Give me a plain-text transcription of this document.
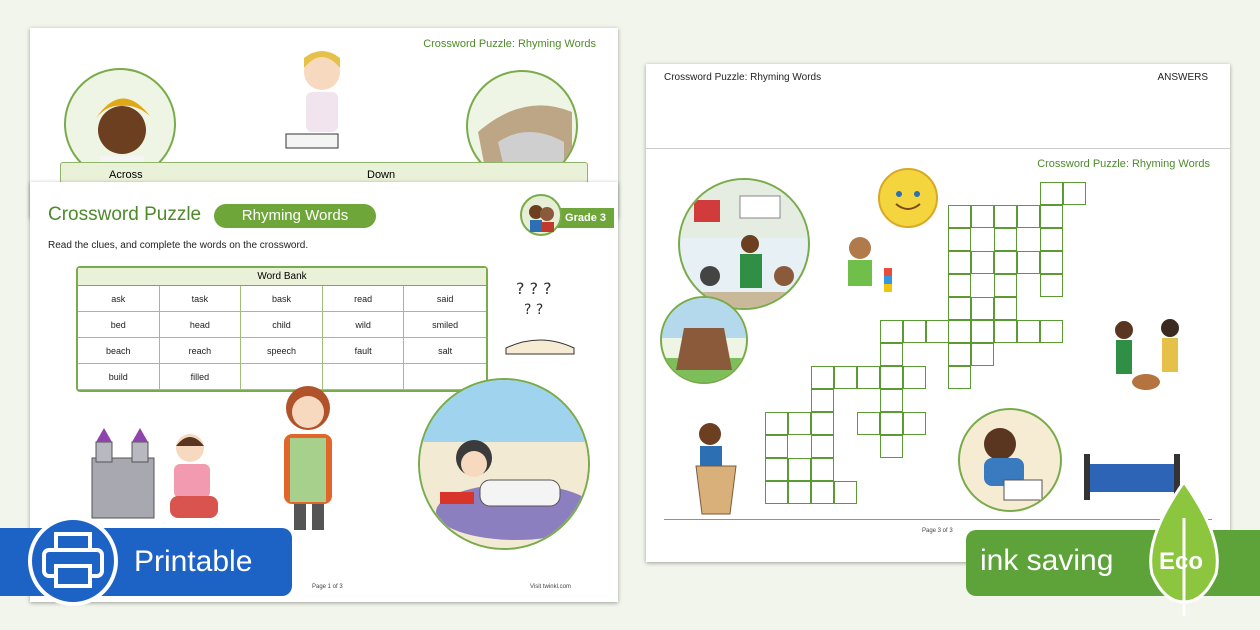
Crossword Puzzle: Rhyming Words
Across	Down
Crossword Puzzle	Rhyming Words	Grade 3
Read the clues, and complete the words on the crossword.
Word Bank
ask	task	bask	read	said
bed	head	child	wild	smiled
beach	reach	speech	fault	salt
build	filled
? ? ?
? ?
Page 1 of 3	Visit twinkl.com
Crossword Puzzle: Rhyming Words	ANSWERS
Crossword Puzzle: Rhyming Words
Page 3 of 3
Printable	ink saving Eco
